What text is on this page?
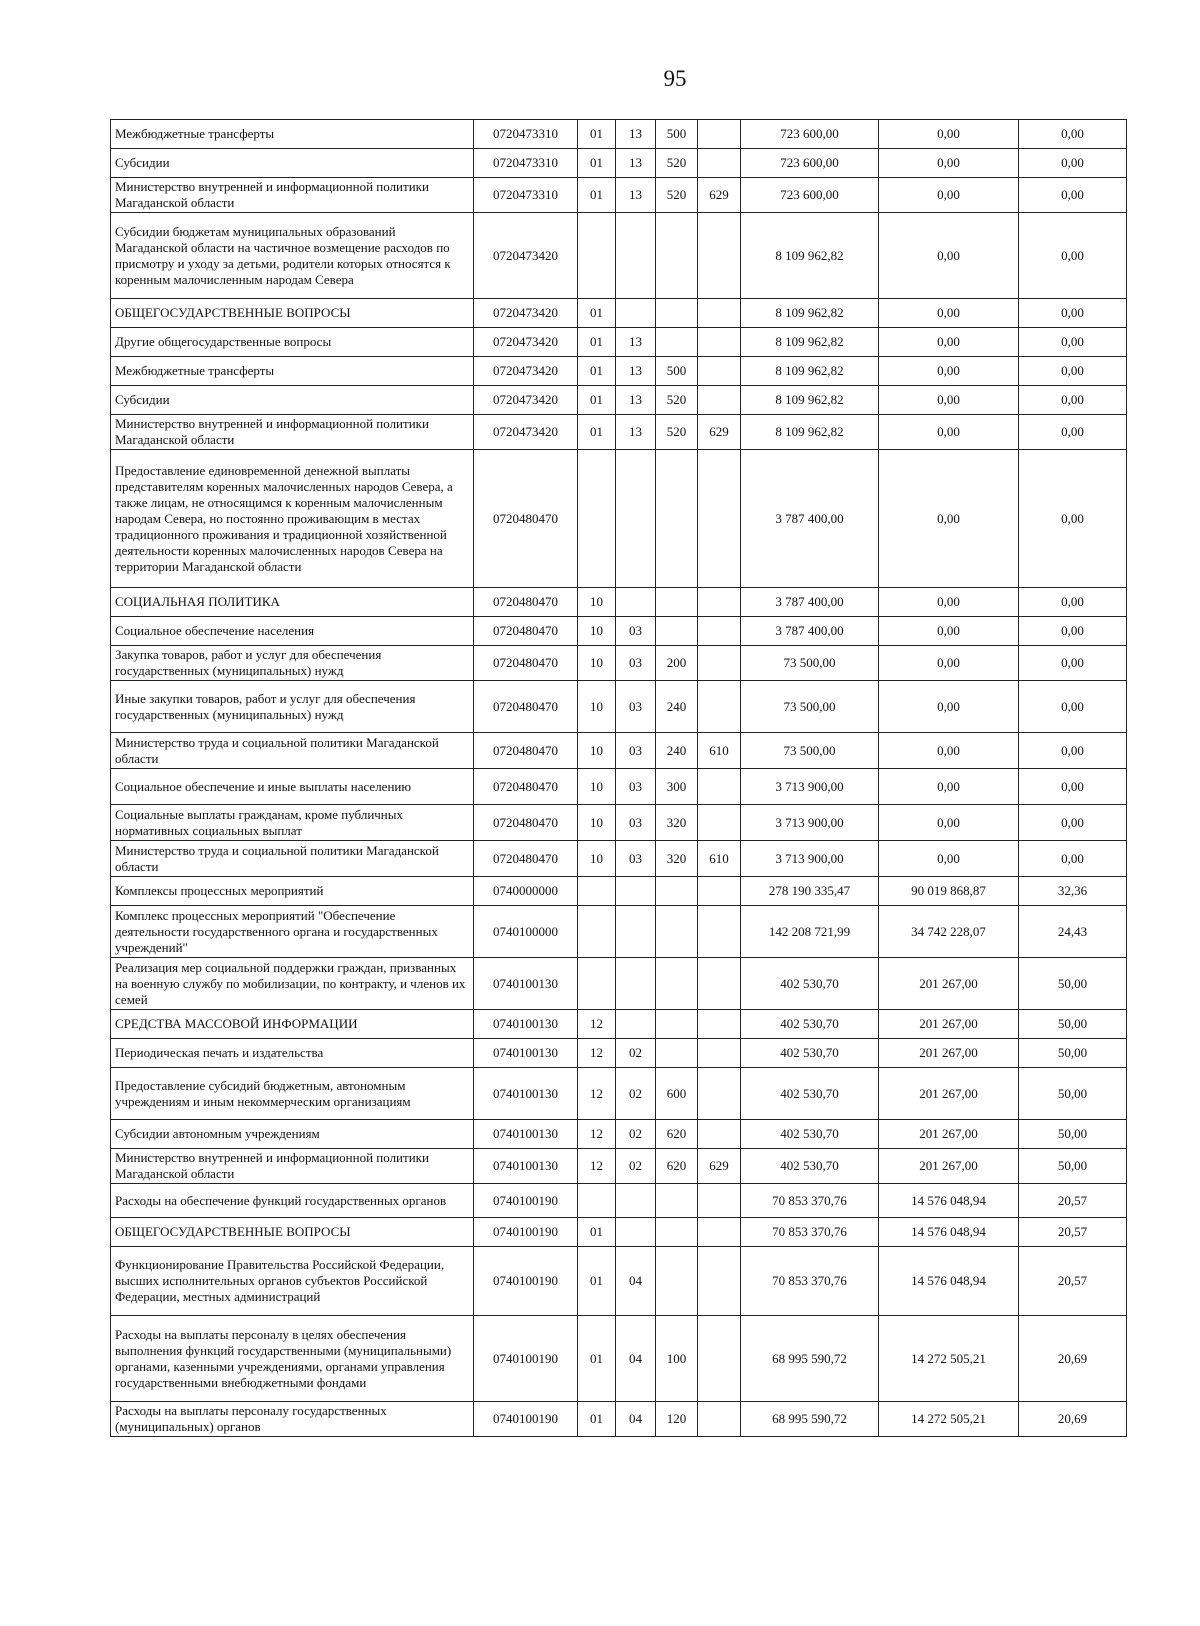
95
Межбюджетные трансферты	0720473310	01	13	500		723 600,00	0,00	0,00
Субсидии	0720473310	01	13	520		723 600,00	0,00	0,00
Министерство внутренней и информационной политики Магаданской области	0720473310	01	13	520	629	723 600,00	0,00	0,00
Субсидии бюджетам муниципальных образований Магаданской области на частичное возмещение расходов по присмотру и уходу за детьми, родители которых относятся к коренным малочисленным народам Севера	0720473420					8 109 962,82	0,00	0,00
ОБЩЕГОСУДАРСТВЕННЫЕ ВОПРОСЫ	0720473420	01				8 109 962,82	0,00	0,00
Другие общегосударственные вопросы	0720473420	01	13			8 109 962,82	0,00	0,00
Межбюджетные трансферты	0720473420	01	13	500		8 109 962,82	0,00	0,00
Субсидии	0720473420	01	13	520		8 109 962,82	0,00	0,00
Министерство внутренней и информационной политики Магаданской области	0720473420	01	13	520	629	8 109 962,82	0,00	0,00
Предоставление единовременной денежной выплаты представителям коренных малочисленных народов Севера, а также лицам, не относящимся к коренным малочисленным народам Севера, но постоянно проживающим в местах традиционного проживания и традиционной хозяйственной деятельности коренных малочисленных народов Севера на территории Магаданской области	0720480470					3 787 400,00	0,00	0,00
СОЦИАЛЬНАЯ ПОЛИТИКА	0720480470	10				3 787 400,00	0,00	0,00
Социальное обеспечение населения	0720480470	10	03			3 787 400,00	0,00	0,00
Закупка товаров, работ и услуг для обеспечения государственных (муниципальных) нужд	0720480470	10	03	200		73 500,00	0,00	0,00
Иные закупки товаров, работ и услуг для обеспечения государственных (муниципальных) нужд	0720480470	10	03	240		73 500,00	0,00	0,00
Министерство труда и социальной политики Магаданской области	0720480470	10	03	240	610	73 500,00	0,00	0,00
Социальное обеспечение и иные выплаты населению	0720480470	10	03	300		3 713 900,00	0,00	0,00
Социальные выплаты гражданам, кроме публичных нормативных социальных выплат	0720480470	10	03	320		3 713 900,00	0,00	0,00
Министерство труда и социальной политики Магаданской области	0720480470	10	03	320	610	3 713 900,00	0,00	0,00
Комплексы процессных мероприятий	0740000000					278 190 335,47	90 019 868,87	32,36
Комплекс процессных мероприятий "Обеспечение деятельности государственного органа и государственных учреждений"	0740100000					142 208 721,99	34 742 228,07	24,43
Реализация мер социальной поддержки граждан, призванных на военную службу по мобилизации, по контракту, и членов их семей	0740100130					402 530,70	201 267,00	50,00
СРЕДСТВА МАССОВОЙ ИНФОРМАЦИИ	0740100130	12				402 530,70	201 267,00	50,00
Периодическая печать и издательства	0740100130	12	02			402 530,70	201 267,00	50,00
Предоставление субсидий бюджетным, автономным учреждениям и иным некоммерческим организациям	0740100130	12	02	600		402 530,70	201 267,00	50,00
Субсидии автономным учреждениям	0740100130	12	02	620		402 530,70	201 267,00	50,00
Министерство внутренней и информационной политики Магаданской области	0740100130	12	02	620	629	402 530,70	201 267,00	50,00
Расходы на обеспечение функций государственных органов	0740100190					70 853 370,76	14 576 048,94	20,57
ОБЩЕГОСУДАРСТВЕННЫЕ ВОПРОСЫ	0740100190	01				70 853 370,76	14 576 048,94	20,57
Функционирование Правительства Российской Федерации, высших исполнительных органов субъектов Российской Федерации, местных администраций	0740100190	01	04			70 853 370,76	14 576 048,94	20,57
Расходы на выплаты персоналу в целях обеспечения выполнения функций государственными (муниципальными) органами, казенными учреждениями, органами управления государственными внебюджетными фондами	0740100190	01	04	100		68 995 590,72	14 272 505,21	20,69
Расходы на выплаты персоналу государственных (муниципальных) органов	0740100190	01	04	120		68 995 590,72	14 272 505,21	20,69
